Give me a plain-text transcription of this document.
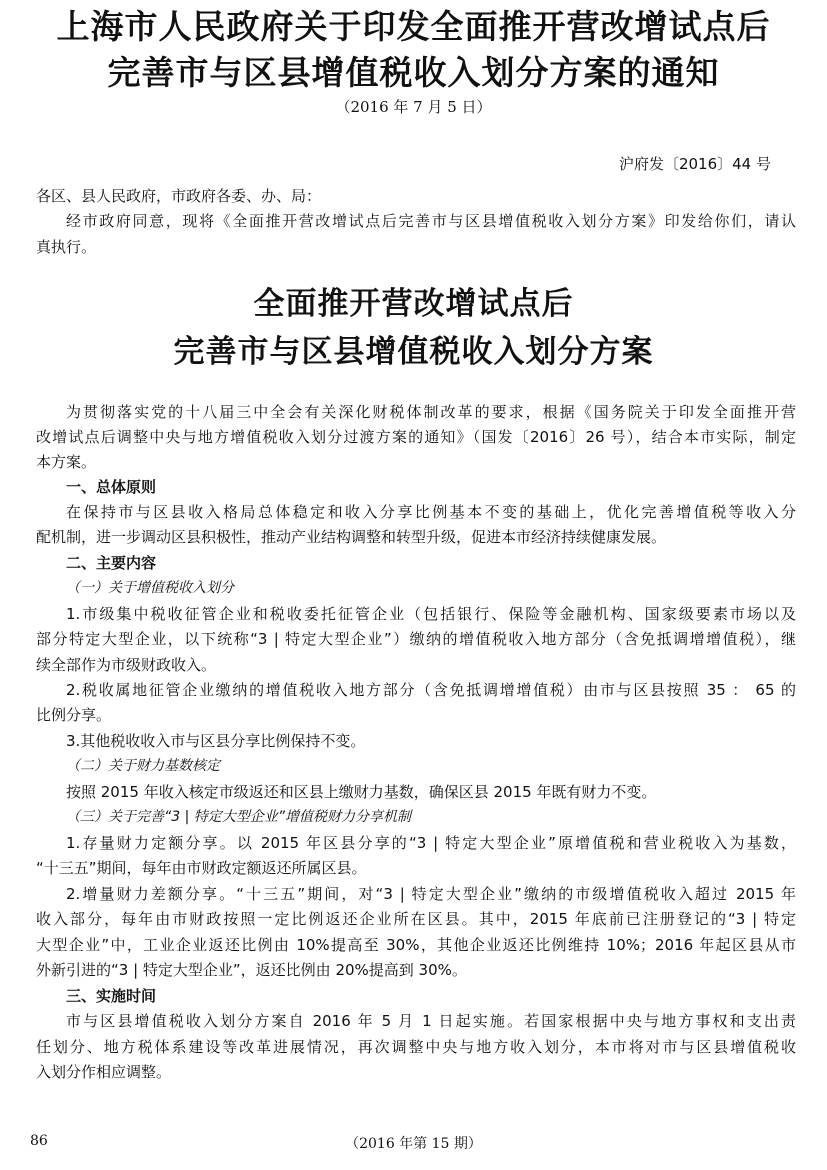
上海市人民政府关于印发全面推开营改增试点后
完善市与区县增值税收入划分方案的通知
（2016 年 7 月 5 日）
沪府发〔2016〕44 号
各区、县人民政府，市政府各委、办、局：
经市政府同意，现将《全面推开营改增试点后完善市与区县增值税收入划分方案》印发给你们，请认
真执行。
全面推开营改增试点后
完善市与区县增值税收入划分方案
为贯彻落实党的十八届三中全会有关深化财税体制改革的要求，根据《国务院关于印发全面推开营
改增试点后调整中央与地方增值税收入划分过渡方案的通知》（国发〔2016〕26 号），结合本市实际，制定
本方案。
一、总体原则
在保持市与区县收入格局总体稳定和收入分享比例基本不变的基础上，优化完善增值税等收入分
配机制，进一步调动区县积极性，推动产业结构调整和转型升级，促进本市经济持续健康发展。
二、主要内容
（一）关于增值税收入划分
1.市级集中税收征管企业和税收委托征管企业（包括银行、保险等金融机构、国家级要素市场以及
部分特定大型企业，以下统称“3 | 特定大型企业”）缴纳的增值税收入地方部分（含免抵调增增值税），继
续全部作为市级财政收入。
2.税收属地征管企业缴纳的增值税收入地方部分（含免抵调增增值税）由市与区县按照 35 ： 65 的
比例分享。
3.其他税收收入市与区县分享比例保持不变。
（二）关于财力基数核定
按照 2015 年收入核定市级返还和区县上缴财力基数，确保区县 2015 年既有财力不变。
（三）关于完善“3 | 特定大型企业”增值税财力分享机制
1.存量财力定额分享。以 2015 年区县分享的“3 | 特定大型企业”原增值税和营业税收入为基数，
“十三五”期间，每年由市财政定额返还所属区县。
2.增量财力差额分享。“十三五”期间，对“3 | 特定大型企业”缴纳的市级增值税收入超过 2015 年
收入部分，每年由市财政按照一定比例返还企业所在区县。其中，2015 年底前已注册登记的“3 | 特定
大型企业”中，工业企业返还比例由 10%提高至 30%，其他企业返还比例维持 10%；2016 年起区县从市
外新引进的“3 | 特定大型企业”，返还比例由 20%提高到 30%。
三、实施时间
市与区县增值税收入划分方案自 2016 年 5 月 1 日起实施。若国家根据中央与地方事权和支出责
任划分、地方税体系建设等改革进展情况，再次调整中央与地方收入划分，本市将对市与区县增值税收
入划分作相应调整。
86	（2016 年第 15 期）
